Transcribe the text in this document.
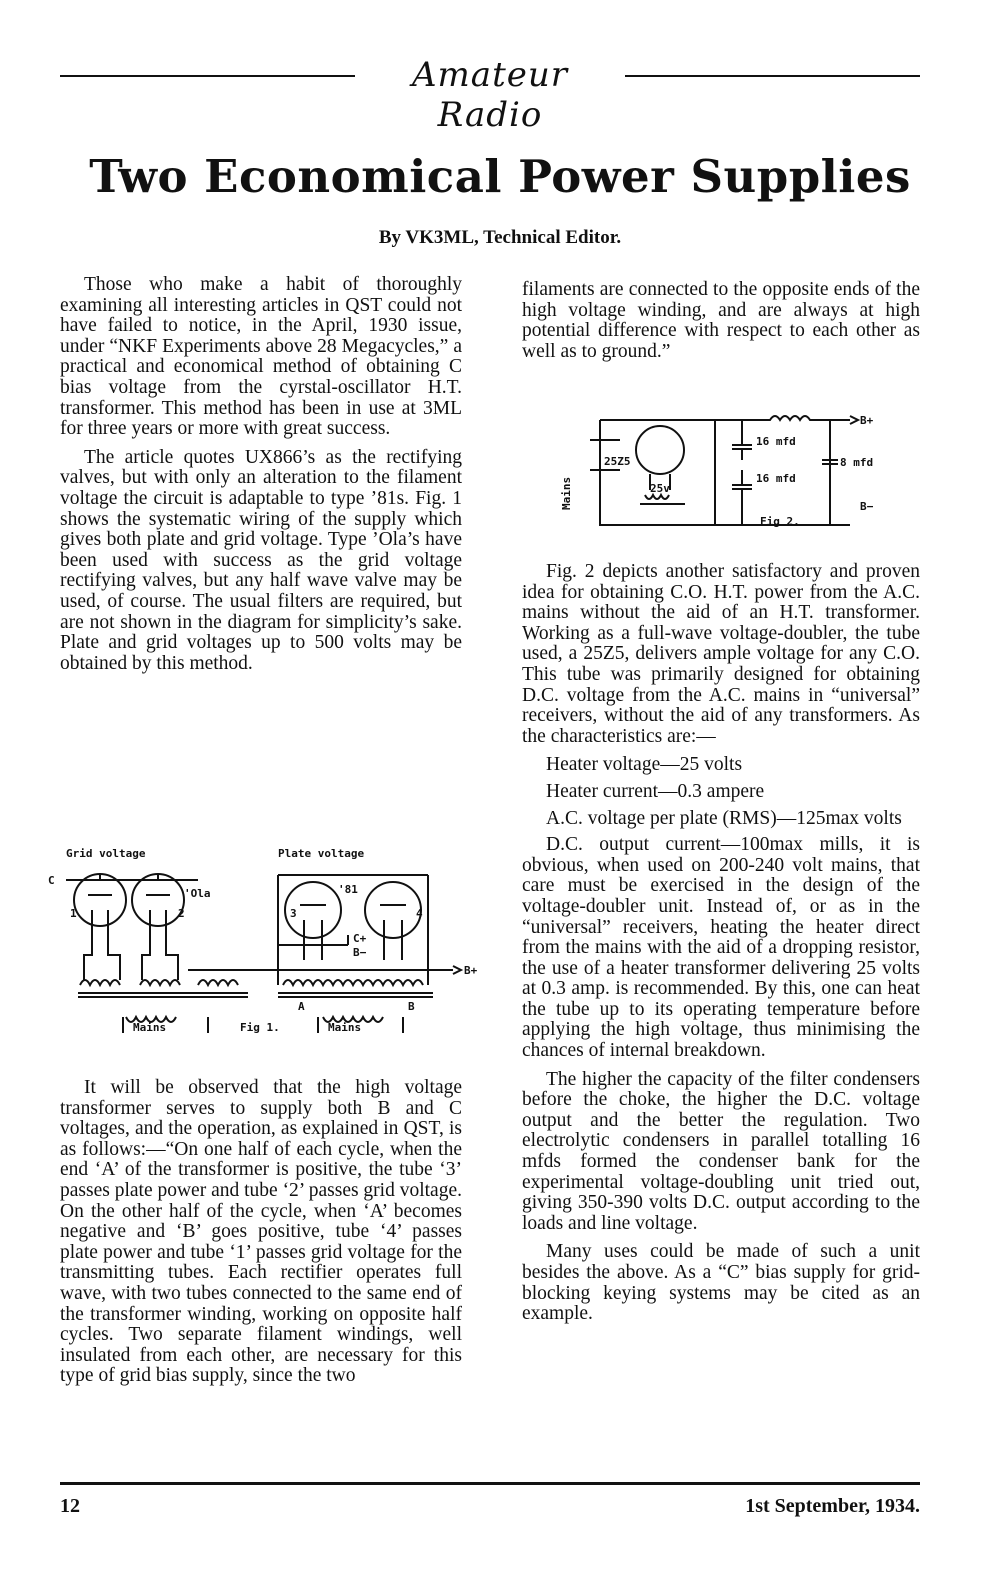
Amateur Radio
Two Economical Power Supplies
By VK3ML, Technical Editor.

Those who make a habit of thoroughly examining all interesting articles in QST could not have failed to notice, in the April, 1930 issue, under “NKF Experiments above 28 Megacycles,” a practical and economical method of obtaining C bias voltage from the cyrstal-oscillator H.T. transformer. This method has been in use at 3ML for three years or more with great success.

The article quotes UX866’s as the rectifying valves, but with only an alteration to the filament voltage the circuit is adaptable to type ’81s. Fig. 1 shows the systematic wiring of the supply which gives both plate and grid voltage. Type ’Ola’s have been used with success as the grid voltage rectifying valves, but any half wave valve may be used, of course. The usual filters are required, but are not shown in the diagram for simplicity’s sake. Plate and grid voltages up to 500 volts may be obtained by this method.

Grid voltage	Plate voltage
C
1	2	3	4
'Ola	'81
C+
B−
B+
A	B
Mains	Mains
Fig 1.

It will be observed that the high voltage transformer serves to supply both B and C voltages, and the operation, as explained in QST, is as follows:—“On one half of each cycle, when the end ‘A’ of the transformer is positive, the tube ‘3’ passes plate power and tube ‘2’ passes grid voltage. On the other half of the cycle, when ‘A’ becomes negative and ‘B’ goes positive, tube ‘4’ passes plate power and tube ‘1’ passes grid voltage for the transmitting tubes. Each rectifier operates full wave, with two tubes connected to the same end of the transformer winding, working on opposite half cycles. Two separate filament windings, well insulated from each other, are necessary for this type of grid bias supply, since the two

filaments are connected to the opposite ends of the high voltage winding, and are always at high potential difference with respect to each other as well as to ground.”

Mains
25Z5
25v
16 mfd
16 mfd
8 mfd
B+
B−
Fig 2.

Fig. 2 depicts another satisfactory and proven idea for obtaining C.O. H.T. power from the A.C. mains without the aid of an H.T. transformer. Working as a full-wave voltage-doubler, the tube used, a 25Z5, delivers ample voltage for any C.O. This tube was primarily designed for obtaining D.C. voltage from the A.C. mains in “universal” receivers, without the aid of any transformers. As the characteristics are:—

Heater voltage—25 volts

Heater current—0.3 ampere

A.C. voltage per plate (RMS)—125max volts

D.C. output current—100max mills, it is obvious, when used on 200-240 volt mains, that care must be exercised in the design of the voltage-doubler unit. Instead of, or as in the “universal” receivers, heating the heater direct from the mains with the aid of a dropping resistor, the use of a heater transformer delivering 25 volts at 0.3 amp. is recommended. By this, one can heat the tube up to its operating temperature before applying the high voltage, thus minimising the chances of internal breakdown.

The higher the capacity of the filter condensers before the choke, the higher the D.C. voltage output and the better the regulation. Two electrolytic condensers in parallel totalling 16 mfds formed the condenser bank for the experimental voltage-doubling unit tried out, giving 350-390 volts D.C. output according to the loads and line voltage.

Many uses could be made of such a unit besides the above. As a “C” bias supply for grid-blocking keying systems may be cited as an example.

12	1st September, 1934.
